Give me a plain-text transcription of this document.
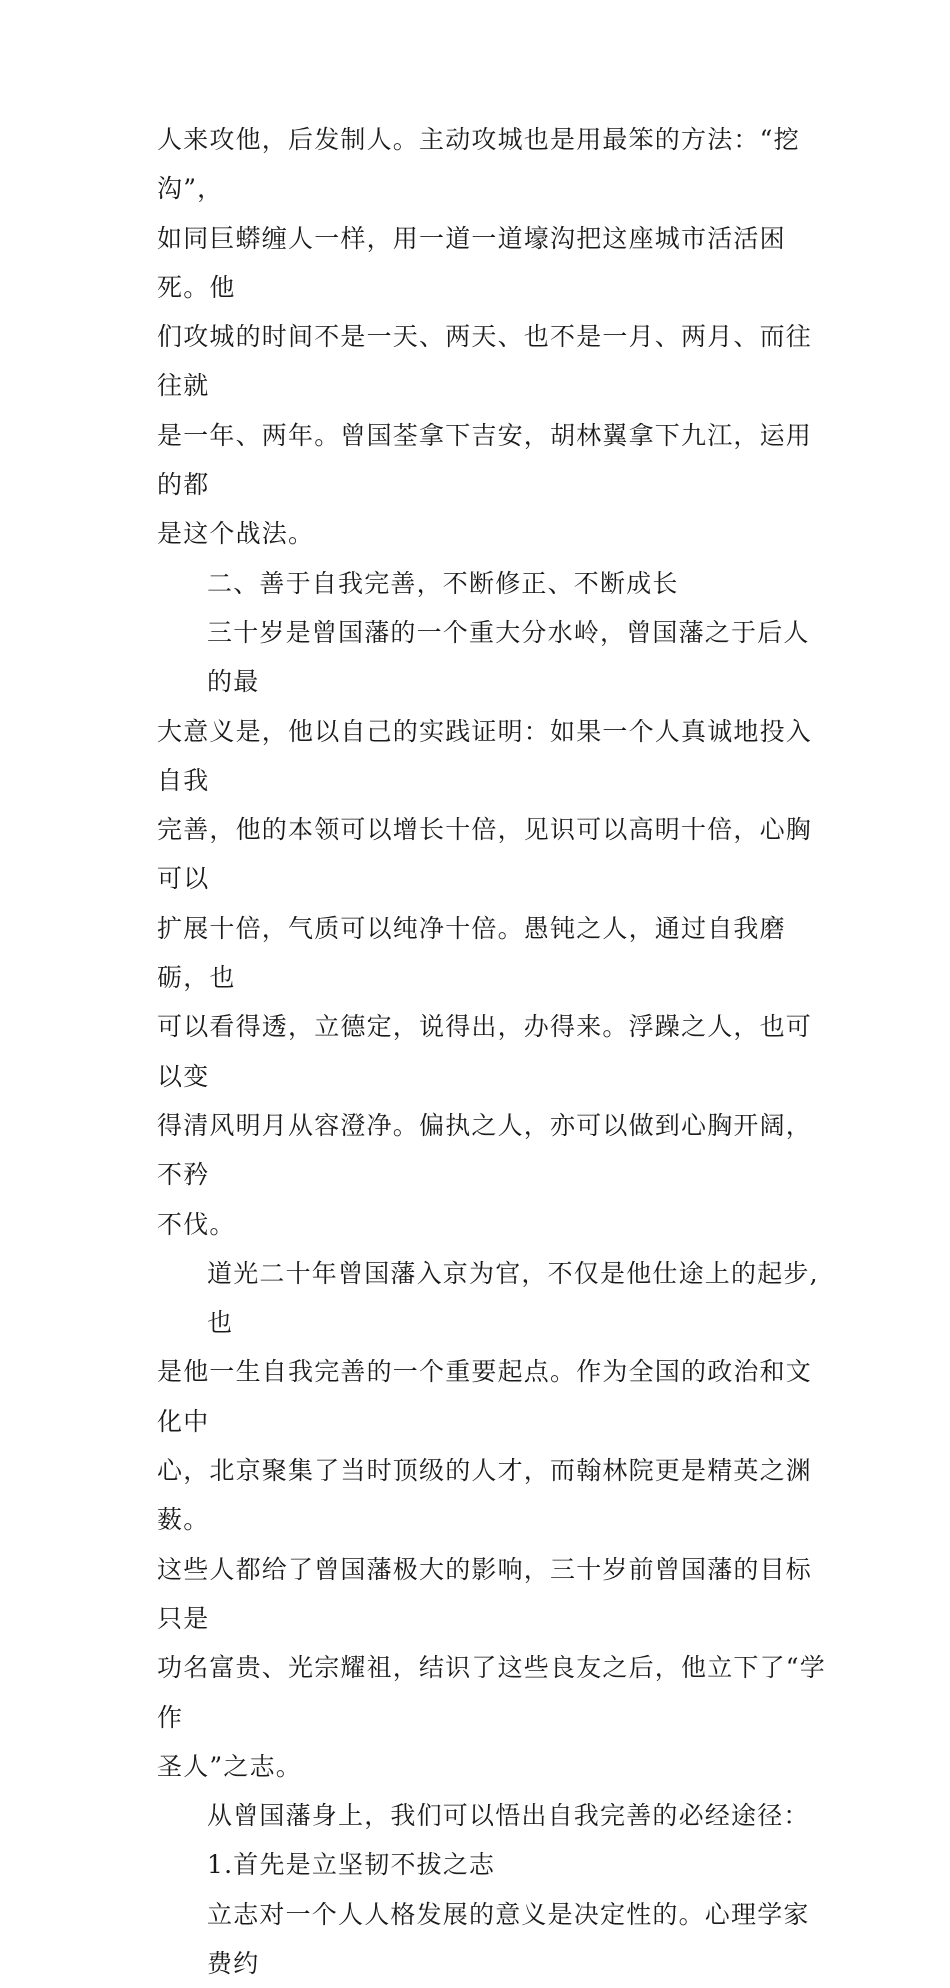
人来攻他，后发制人。主动攻城也是用最笨的方法：“挖沟”，

如同巨蟒缠人一样，用一道一道壕沟把这座城市活活困死。他

们攻城的时间不是一天、两天、也不是一月、两月、而往往就

是一年、两年。曾国荃拿下吉安，胡林翼拿下九江，运用的都

是这个战法。

二、善于自我完善，不断修正、不断成长

三十岁是曾国藩的一个重大分水岭，曾国藩之于后人的最

大意义是，他以自己的实践证明：如果一个人真诚地投入自我

完善，他的本领可以增长十倍，见识可以高明十倍，心胸可以

扩展十倍，气质可以纯净十倍。愚钝之人，通过自我磨砺，也

可以看得透，立德定，说得出，办得来。浮躁之人，也可以变

得清风明月从容澄净。偏执之人，亦可以做到心胸开阔，不矜

不伐。

道光二十年曾国藩入京为官，不仅是他仕途上的起步,也

是他一生自我完善的一个重要起点。作为全国的政治和文化中

心，北京聚集了当时顶级的人才，而翰林院更是精英之渊薮。

这些人都给了曾国藩极大的影响，三十岁前曾国藩的目标只是

功名富贵、光宗耀祖，结识了这些良友之后，他立下了“学作

圣人”之志。

从曾国藩身上，我们可以悟出自我完善的必经途径：

1.首先是立坚韧不拔之志

立志对一个人人格发展的意义是决定性的。心理学家费约
